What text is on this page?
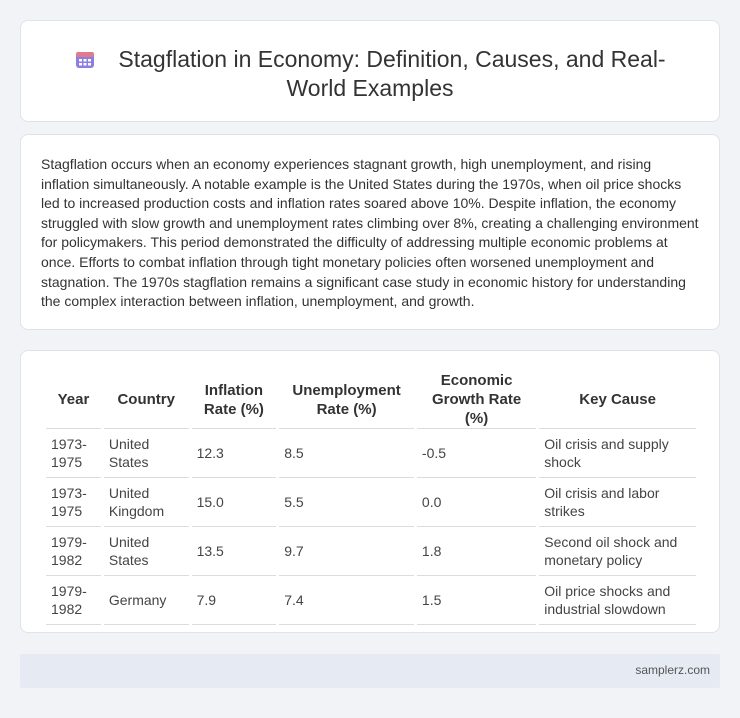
Stagflation in Economy: Definition, Causes, and Real-World Examples

Stagflation occurs when an economy experiences stagnant growth, high unemployment, and rising inflation simultaneously. A notable example is the United States during the 1970s, when oil price shocks led to increased production costs and inflation rates soared above 10%. Despite inflation, the economy struggled with slow growth and unemployment rates climbing over 8%, creating a challenging environment for policymakers. This period demonstrated the difficulty of addressing multiple economic problems at once. Efforts to combat inflation through tight monetary policies often worsened unemployment and stagnation. The 1970s stagflation remains a significant case study in economic history for understanding the complex interaction between inflation, unemployment, and growth.

Year	Country	Inflation Rate (%)	Unemployment Rate (%)	Economic Growth Rate (%)	Key Cause
1973-1975	United States	12.3	8.5	-0.5	Oil crisis and supply shock
1973-1975	United Kingdom	15.0	5.5	0.0	Oil crisis and labor strikes
1979-1982	United States	13.5	9.7	1.8	Second oil shock and monetary policy
1979-1982	Germany	7.9	7.4	1.5	Oil price shocks and industrial slowdown
samplerz.com
